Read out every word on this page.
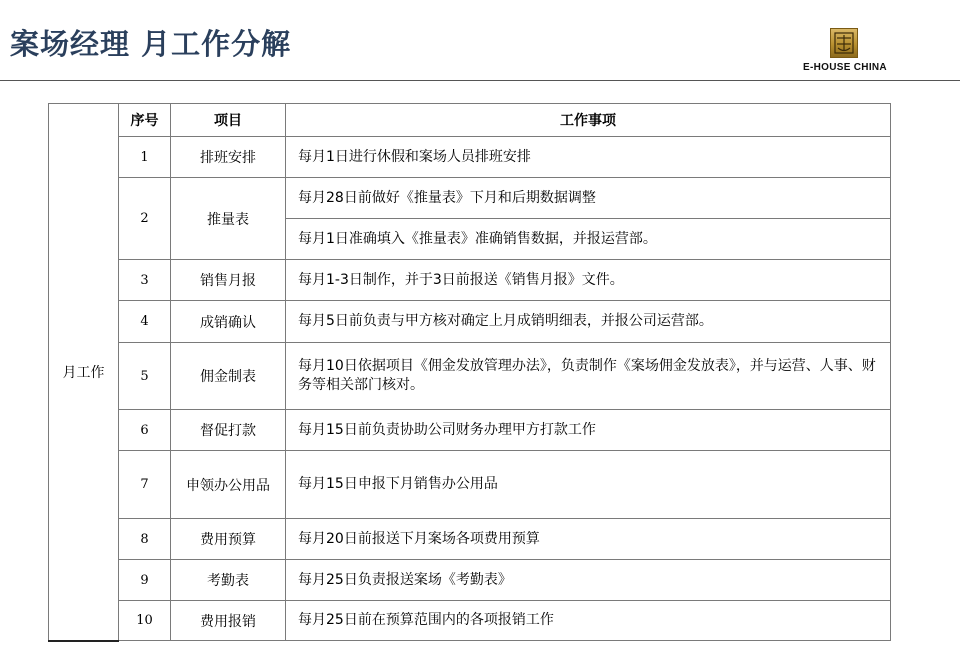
案场经理 月工作分解
E-HOUSE CHINA
月工作	序号	项目	工作事项
	1	排班安排	每月1日进行休假和案场人员排班安排
	2	推量表	每月28日前做好《推量表》下月和后期数据调整
			每月1日准确填入《推量表》准确销售数据，并报运营部。
	3	销售月报	每月1-3日制作，并于3日前报送《销售月报》文件。
	4	成销确认	每月5日前负责与甲方核对确定上月成销明细表，并报公司运营部。
	5	佣金制表	每月10日依据项目《佣金发放管理办法》，负责制作《案场佣金发放表》，并与运营、人事、财务等相关部门核对。
	6	督促打款	每月15日前负责协助公司财务办理甲方打款工作
	7	申领办公用品	每月15日申报下月销售办公用品
	8	费用预算	每月20日前报送下月案场各项费用预算
	9	考勤表	每月25日负责报送案场《考勤表》
	10	费用报销	每月25日前在预算范围内的各项报销工作
